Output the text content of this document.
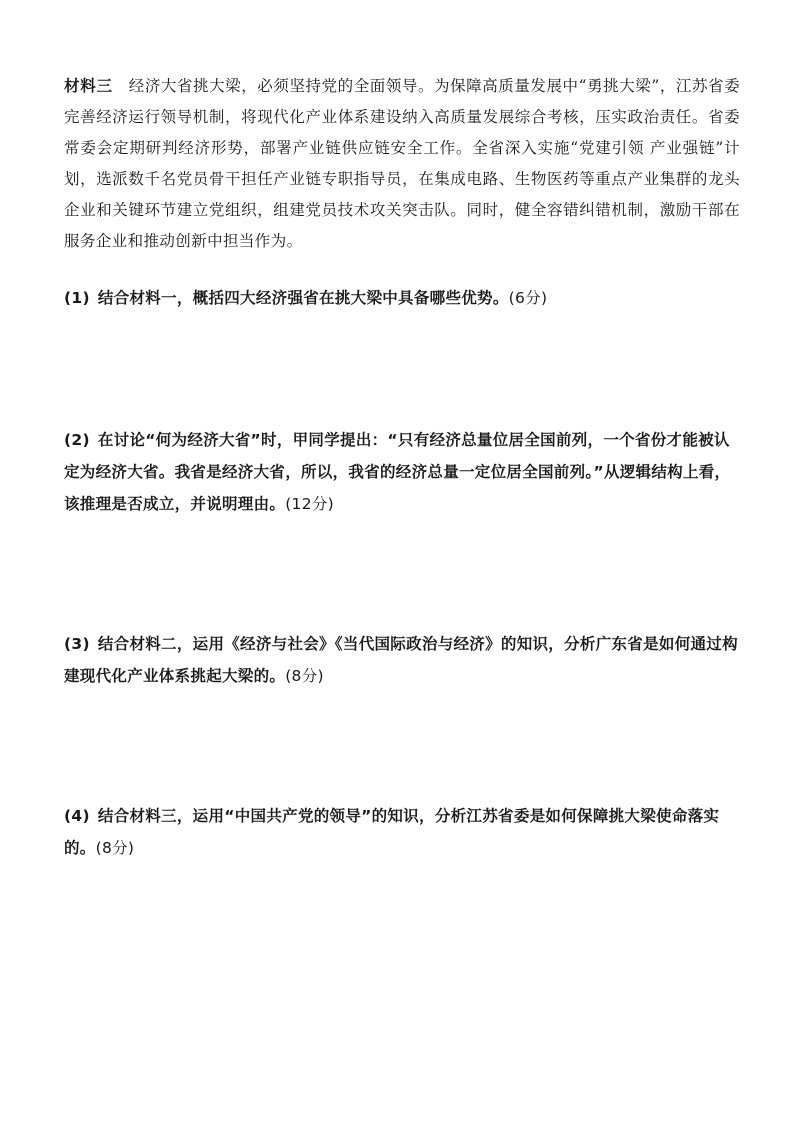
材料三 经济大省挑大梁，必须坚持党的全面领导。为保障高质量发展中“勇挑大梁”，江苏省委完善经济运行领导机制，将现代化产业体系建设纳入高质量发展综合考核，压实政治责任。省委常委会定期研判经济形势，部署产业链供应链安全工作。全省深入实施“党建引领 产业强链”计划，选派数千名党员骨干担任产业链专职指导员，在集成电路、生物医药等重点产业集群的龙头企业和关键环节建立党组织，组建党员技术攻关突击队。同时，健全容错纠错机制，激励干部在服务企业和推动创新中担当作为。

(1) 结合材料一，概括四大经济强省在挑大梁中具备哪些优势。(6分)
(2) 在讨论“何为经济大省”时，甲同学提出：“只有经济总量位居全国前列，一个省份才能被认定为经济大省。我省是经济大省，所以，我省的经济总量一定位居全国前列。”从逻辑结构上看，该推理是否成立，并说明理由。(12分)
(3) 结合材料二，运用《经济与社会》《当代国际政治与经济》的知识，分析广东省是如何通过构建现代化产业体系挑起大梁的。(8分)
(4) 结合材料三，运用“中国共产党的领导”的知识，分析江苏省委是如何保障挑大梁使命落实的。(8分)
